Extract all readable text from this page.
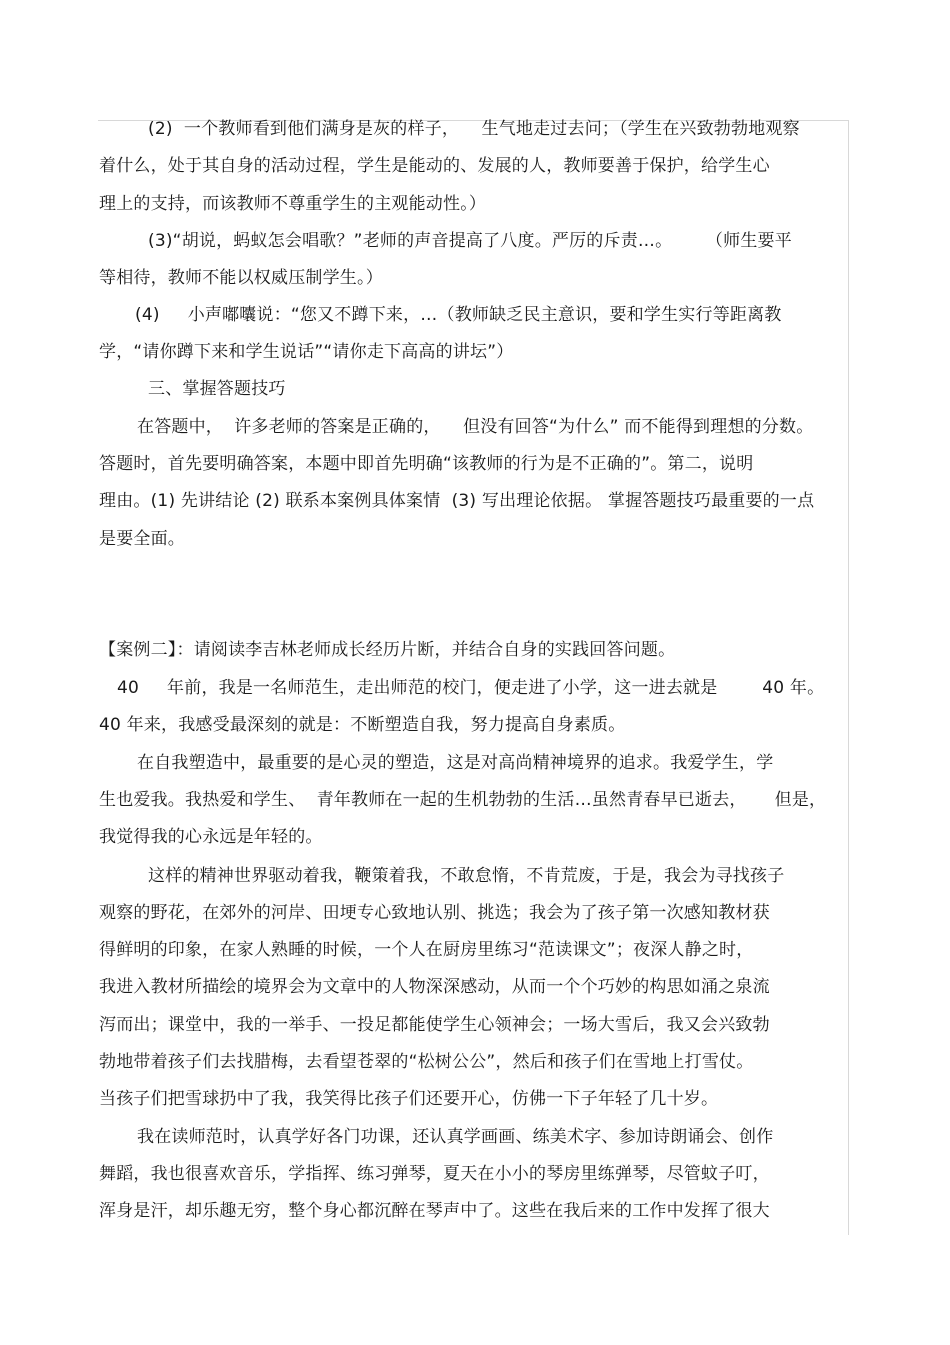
(2)  一个教师看到他们满身是灰的样子，    生气地走过去问；（学生在兴致勃勃地观察
着什么，处于其自身的活动过程，学生是能动的、发展的人，教师要善于保护，给学生心
理上的支持，而该教师不尊重学生的主观能动性。）
(3)“胡说，蚂蚁怎会唱歌？”老师的声音提高了八度。严厉的斥责…。      （师生要平
等相待，教师不能以权威压制学生。）
(4)     小声嘟囔说：“您又不蹲下来，…（教师缺乏民主意识，要和学生实行等距离教
学，“请你蹲下来和学生说话”“请你走下高高的讲坛”）
三、掌握答题技巧
在答题中，  许多老师的答案是正确的，    但没有回答“为什么” 而不能得到理想的分数。
答题时，首先要明确答案，本题中即首先明确“该教师的行为是不正确的”。第二，说明
理由。(1) 先讲结论 (2) 联系本案例具体案情  (3) 写出理论依据。 掌握答题技巧最重要的一点
是要全面。
【案例二】：请阅读李吉林老师成长经历片断，并结合自身的实践回答问题。
40     年前，我是一名师范生，走出师范的校门，便走进了小学，这一进去就是        40 年。
40 年来，我感受最深刻的就是：不断塑造自我，努力提高自身素质。
在自我塑造中，最重要的是心灵的塑造，这是对高尚精神境界的追求。我爱学生，学
生也爱我。我热爱和学生、  青年教师在一起的生机勃勃的生活…虽然青春早已逝去，     但是，
我觉得我的心永远是年轻的。
这样的精神世界驱动着我，鞭策着我，不敢怠惰，不肯荒废，于是，我会为寻找孩子
观察的野花，在郊外的河岸、田埂专心致地认别、挑选；我会为了孩子第一次感知教材获
得鲜明的印象，在家人熟睡的时候，一个人在厨房里练习“范读课文”；夜深人静之时，
我进入教材所描绘的境界会为文章中的人物深深感动，从而一个个巧妙的构思如涌之泉流
泻而出；课堂中，我的一举手、一投足都能使学生心领神会；一场大雪后，我又会兴致勃
勃地带着孩子们去找腊梅，去看望苍翠的“松树公公”，然后和孩子们在雪地上打雪仗。
当孩子们把雪球扔中了我，我笑得比孩子们还要开心，仿佛一下子年轻了几十岁。
我在读师范时，认真学好各门功课，还认真学画画、练美术字、参加诗朗诵会、创作
舞蹈，我也很喜欢音乐，学指挥、练习弹琴，夏天在小小的琴房里练弹琴，尽管蚊子叮，
浑身是汗，却乐趣无穷，整个身心都沉醉在琴声中了。这些在我后来的工作中发挥了很大
